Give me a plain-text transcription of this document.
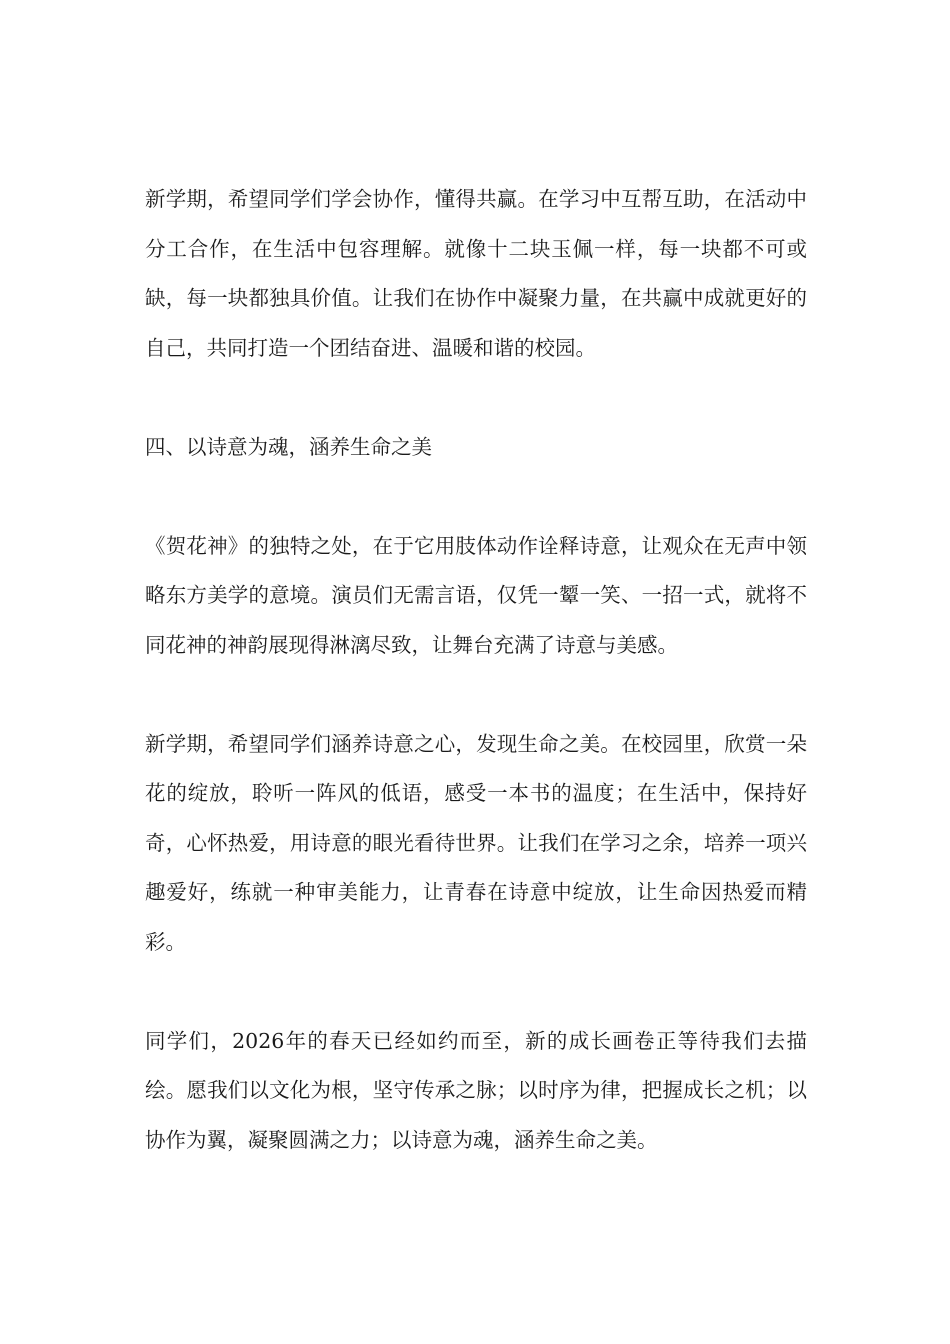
新学期，希望同学们学会协作，懂得共赢。在学习中互帮互助，在活动中分工合作，在生活中包容理解。就像十二块玉佩一样，每一块都不可或缺，每一块都独具价值。让我们在协作中凝聚力量，在共赢中成就更好的自己，共同打造一个团结奋进、温暖和谐的校园。

四、以诗意为魂，涵养生命之美

《贺花神》的独特之处，在于它用肢体动作诠释诗意，让观众在无声中领略东方美学的意境。演员们无需言语，仅凭一颦一笑、一招一式，就将不同花神的神韵展现得淋漓尽致，让舞台充满了诗意与美感。

新学期，希望同学们涵养诗意之心，发现生命之美。在校园里，欣赏一朵花的绽放，聆听一阵风的低语，感受一本书的温度；在生活中，保持好奇，心怀热爱，用诗意的眼光看待世界。让我们在学习之余，培养一项兴趣爱好，练就一种审美能力，让青春在诗意中绽放，让生命因热爱而精彩。

同学们，2026年的春天已经如约而至，新的成长画卷正等待我们去描绘。愿我们以文化为根，坚守传承之脉；以时序为律，把握成长之机；以协作为翼，凝聚圆满之力；以诗意为魂，涵养生命之美。
